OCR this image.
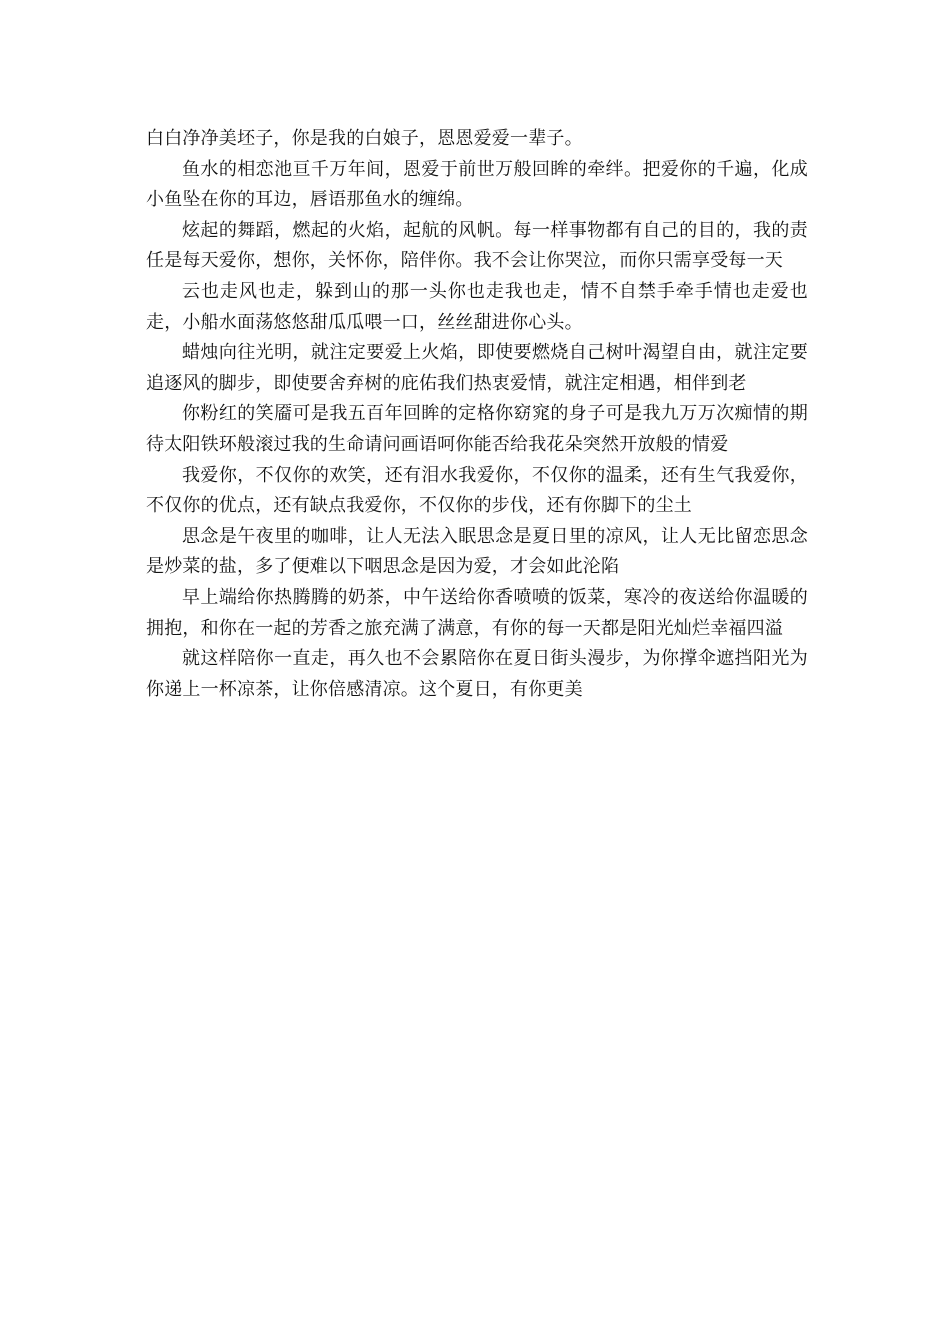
白白净净美坯子，你是我的白娘子，恩恩爱爱一辈子。

鱼水的相恋池亘千万年间，恩爱于前世万般回眸的牵绊。把爱你的千遍，化成小鱼坠在你的耳边，唇语那鱼水的缠绵。

炫起的舞蹈，燃起的火焰，起航的风帆。每一样事物都有自己的目的，我的责任是每天爱你，想你，关怀你，陪伴你。我不会让你哭泣，而你只需享受每一天

云也走风也走，躲到山的那一头你也走我也走，情不自禁手牵手情也走爱也走，小船水面荡悠悠甜瓜瓜喂一口，丝丝甜进你心头。

蜡烛向往光明，就注定要爱上火焰，即使要燃烧自己树叶渴望自由，就注定要追逐风的脚步，即使要舍弃树的庇佑我们热衷爱情，就注定相遇，相伴到老

你粉红的笑靥可是我五百年回眸的定格你窈窕的身子可是我九万万次痴情的期待太阳铁环般滚过我的生命请问画语呵你能否给我花朵突然开放般的情爱

我爱你，不仅你的欢笑，还有泪水我爱你，不仅你的温柔，还有生气我爱你，不仅你的优点，还有缺点我爱你，不仅你的步伐，还有你脚下的尘土

思念是午夜里的咖啡，让人无法入眠思念是夏日里的凉风，让人无比留恋思念是炒菜的盐，多了便难以下咽思念是因为爱，才会如此沦陷

早上端给你热腾腾的奶茶，中午送给你香喷喷的饭菜，寒冷的夜送给你温暖的拥抱，和你在一起的芳香之旅充满了满意，有你的每一天都是阳光灿烂幸福四溢

就这样陪你一直走，再久也不会累陪你在夏日街头漫步，为你撑伞遮挡阳光为你递上一杯凉茶，让你倍感清凉。这个夏日，有你更美
